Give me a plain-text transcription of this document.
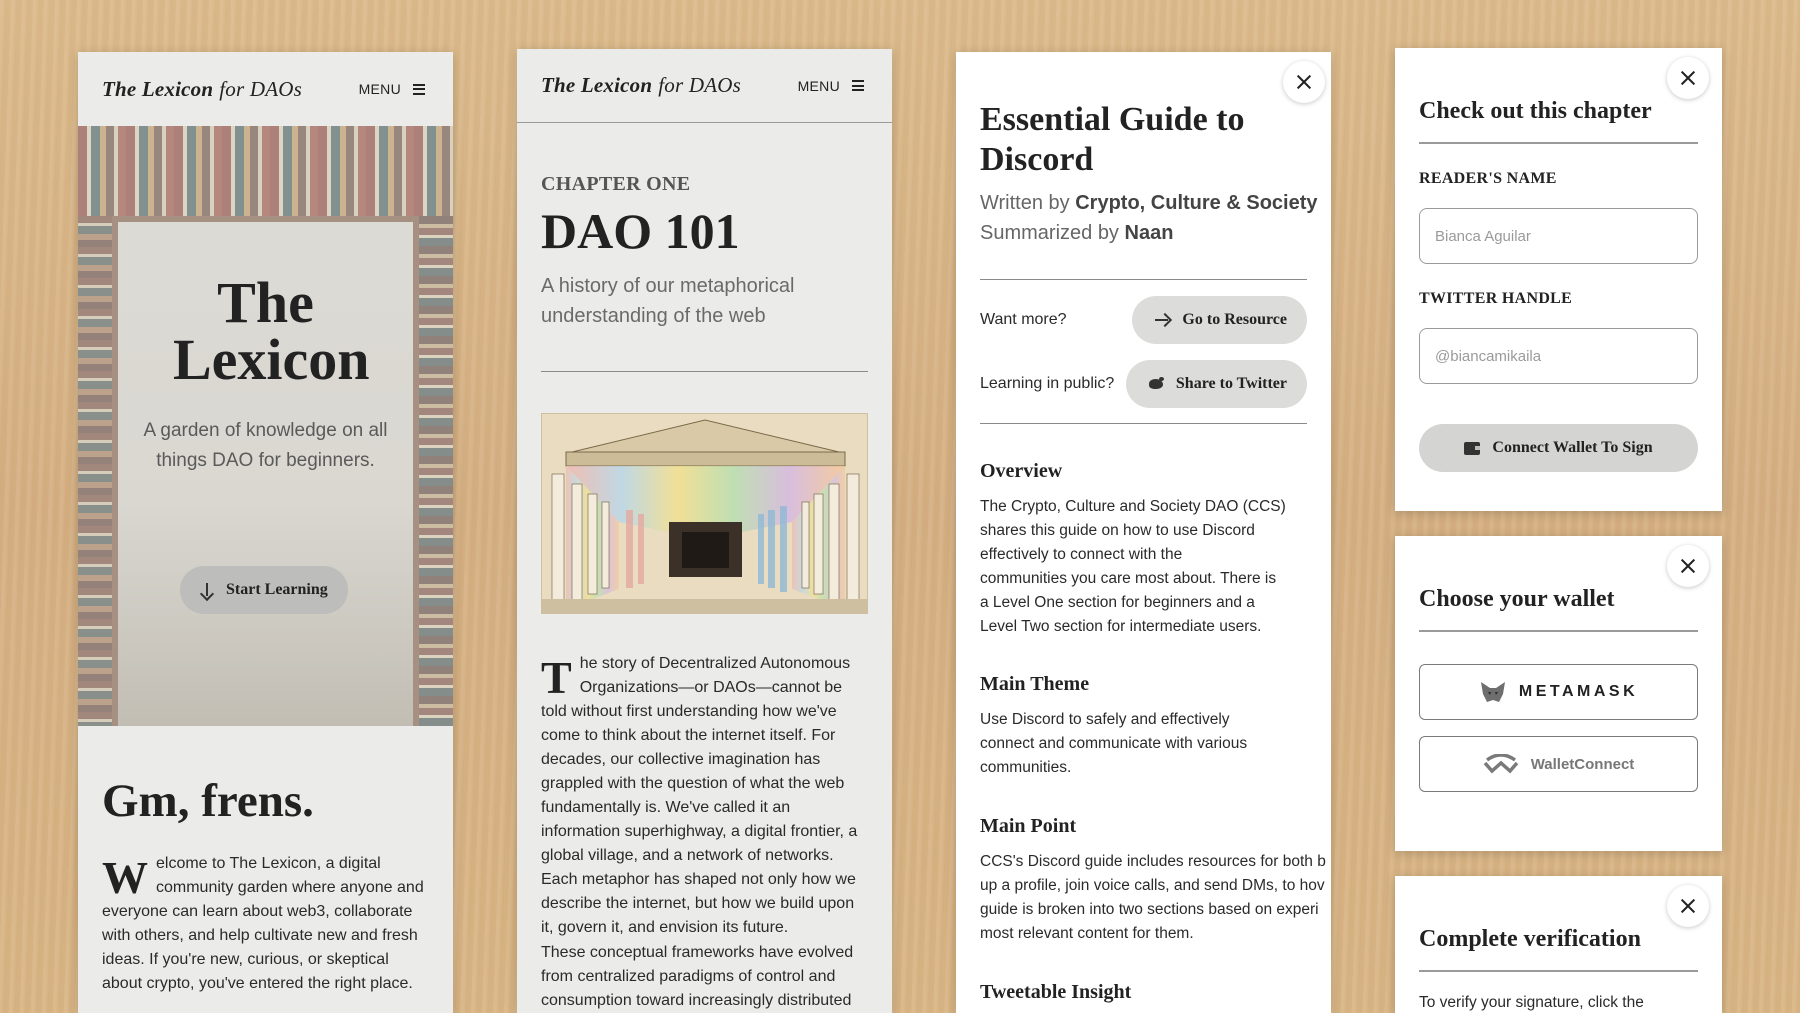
The Lexicon for DAOs	MENU
The Lexicon
A garden of knowledge on all things DAO for beginners.
Start Learning
Gm, frens.
W elcome to The Lexicon, a digital community garden where anyone and everyone can learn about web3, collaborate with others, and help cultivate new and fresh ideas. If you're new, curious, or skeptical about crypto, you've entered the right place.
The Lexicon for DAOs	MENU
CHAPTER ONE
DAO 101
A history of our metaphorical understanding of the web
T he story of Decentralized Autonomous Organizations—or DAOs—cannot be told without first understanding how we've come to think about the internet itself. For decades, our collective imagination has grappled with the question of what the web fundamentally is. We've called it an information superhighway, a digital frontier, a global village, and a network of networks. Each metaphor has shaped not only how we describe the internet, but how we build upon it, govern it, and envision its future.
These conceptual frameworks have evolved from centralized paradigms of control and consumption toward increasingly distributed
Essential Guide to Discord
Written by Crypto, Culture & Society
Summarized by Naan
Want more?	Go to Resource
Learning in public?	Share to Twitter
Overview
The Crypto, Culture and Society DAO (CCS)
shares this guide on how to use Discord
effectively to connect with the
communities you care most about. There is
a Level One section for beginners and a
Level Two section for intermediate users.
Main Theme
Use Discord to safely and effectively
connect and communicate with various
communities.
Main Point
CCS's Discord guide includes resources for both b
up a profile, join voice calls, and send DMs, to hov
guide is broken into two sections based on experi
most relevant content for them.
Tweetable Insight
Check out this chapter
READER'S NAME
Bianca Aguilar
TWITTER HANDLE
@biancamikaila
Connect Wallet To Sign
Choose your wallet
METAMASK
WalletConnect
Complete verification
To verify your signature, click the
